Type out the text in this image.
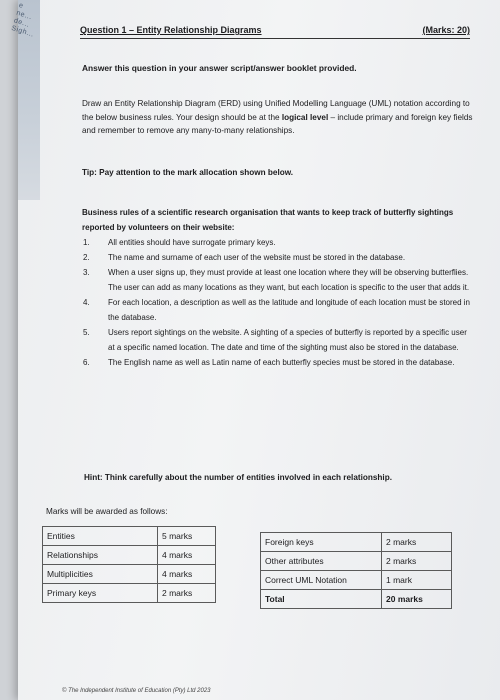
e ne... de... Sigh...	Question 1 – Entity Relationship Diagrams	(Marks: 20)
Answer this question in your answer script/answer booklet provided.
Draw an Entity Relationship Diagram (ERD) using Unified Modelling Language (UML) notation according to the below business rules. Your design should be at the logical level – include primary and foreign key fields and remember to remove any many-to-many relationships.
Tip: Pay attention to the mark allocation shown below.
Business rules of a scientific research organisation that wants to keep track of butterfly sightings reported by volunteers on their website:
1. All entities should have surrogate primary keys.
2. The name and surname of each user of the website must be stored in the database.
3. When a user signs up, they must provide at least one location where they will be observing butterflies. The user can add as many locations as they want, but each location is specific to the user that adds it.
4. For each location, a description as well as the latitude and longitude of each location must be stored in the database.
5. Users report sightings on the website. A sighting of a species of butterfly is reported by a specific user at a specific named location. The date and time of the sighting must also be stored in the database.
6. The English name as well as Latin name of each butterfly species must be stored in the database.
Hint: Think carefully about the number of entities involved in each relationship.
Marks will be awarded as follows:
Entities	5 marks
Relationships	4 marks
Multiplicities	4 marks
Primary keys	2 marks
Foreign keys	2 marks
Other attributes	2 marks
Correct UML Notation	1 mark
Total	20 marks
© The Independent Institute of Education (Pty) Ltd 2023
